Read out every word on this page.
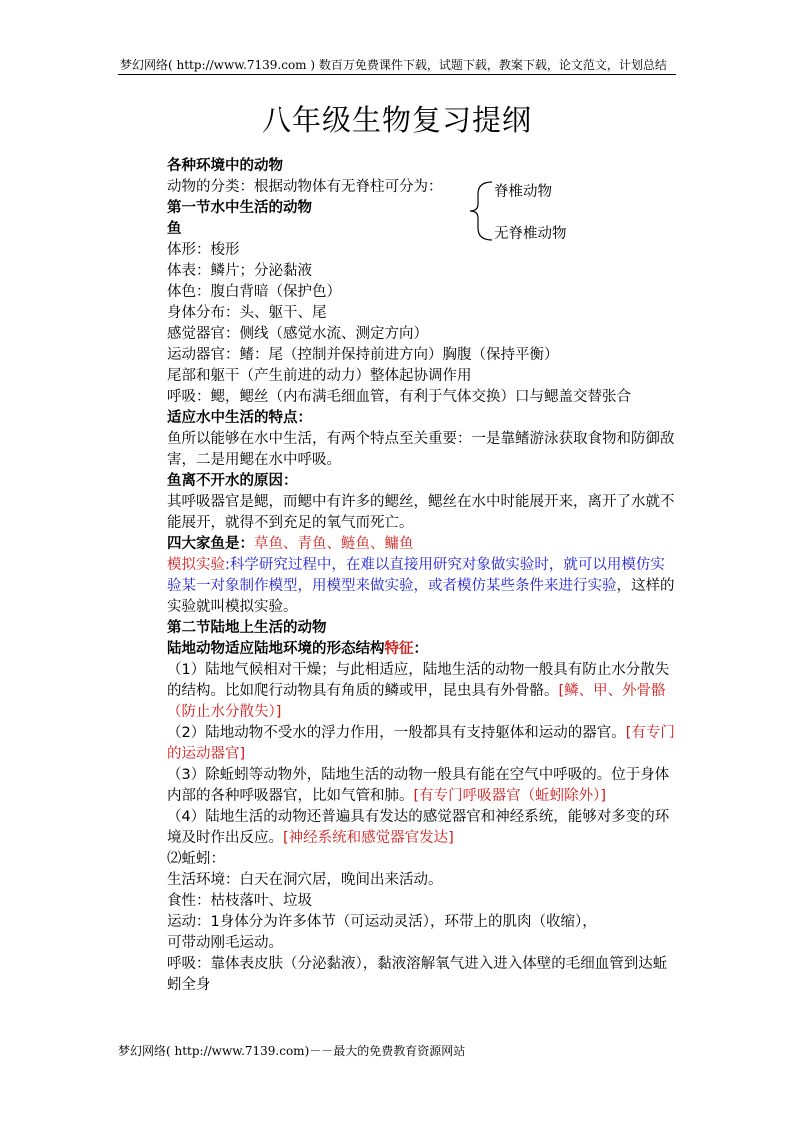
梦幻网络( http://www.7139.com ) 数百万免费课件下载，试题下载，教案下载，论文范文，计划总结
八年级生物复习提纲
脊椎动物
无脊椎动物
各种环境中的动物
动物的分类：根据动物体有无脊柱可分为：
第一节水中生活的动物
鱼
体形：梭形
体表：鳞片；分泌黏液
体色：腹白背暗（保护色）
身体分布：头、躯干、尾
感觉器官：侧线（感觉水流、测定方向）
运动器官：鳍：尾（控制并保持前进方向）胸腹（保持平衡）
尾部和躯干（产生前进的动力）整体起协调作用
呼吸：鳃，鳃丝（内布满毛细血管，有利于气体交换）口与鳃盖交替张合
适应水中生活的特点：
鱼所以能够在水中生活，有两个特点至关重要：一是靠鳍游泳获取食物和防御敌害，二是用鳃在水中呼吸。
鱼离不开水的原因：
其呼吸器官是鳃，而鳃中有许多的鳃丝，鳃丝在水中时能展开来，离开了水就不能展开，就得不到充足的氧气而死亡。
四大家鱼是：草鱼、青鱼、鲢鱼、鳙鱼
模拟实验:科学研究过程中，在难以直接用研究对象做实验时，就可以用模仿实验某一对象制作模型，用模型来做实验，或者模仿某些条件来进行实验，这样的实验就叫模拟实验。
第二节陆地上生活的动物
陆地动物适应陆地环境的形态结构特征：
（1）陆地气候相对干燥；与此相适应，陆地生活的动物一般具有防止水分散失的结构。比如爬行动物具有角质的鳞或甲，昆虫具有外骨骼。[鳞、甲、外骨骼（防止水分散失）]
（2）陆地动物不受水的浮力作用，一般都具有支持躯体和运动的器官。[有专门的运动器官]
（3）除蚯蚓等动物外，陆地生活的动物一般具有能在空气中呼吸的。位于身体内部的各种呼吸器官，比如气管和肺。[有专门呼吸器官（蚯蚓除外）]
（4）陆地生活的动物还普遍具有发达的感觉器官和神经系统，能够对多变的环境及时作出反应。[神经系统和感觉器官发达]
⑵蚯蚓：
生活环境：白天在洞穴居，晚间出来活动。
食性：枯枝落叶、垃圾
运动：1身体分为许多体节（可运动灵活），环带上的肌肉（收缩），
可带动刚毛运动。
呼吸：靠体表皮肤（分泌黏液），黏液溶解氧气进入进入体壁的毛细血管到达蚯蚓全身
梦幻网络( http://www.7139.com)－－最大的免费教育资源网站
